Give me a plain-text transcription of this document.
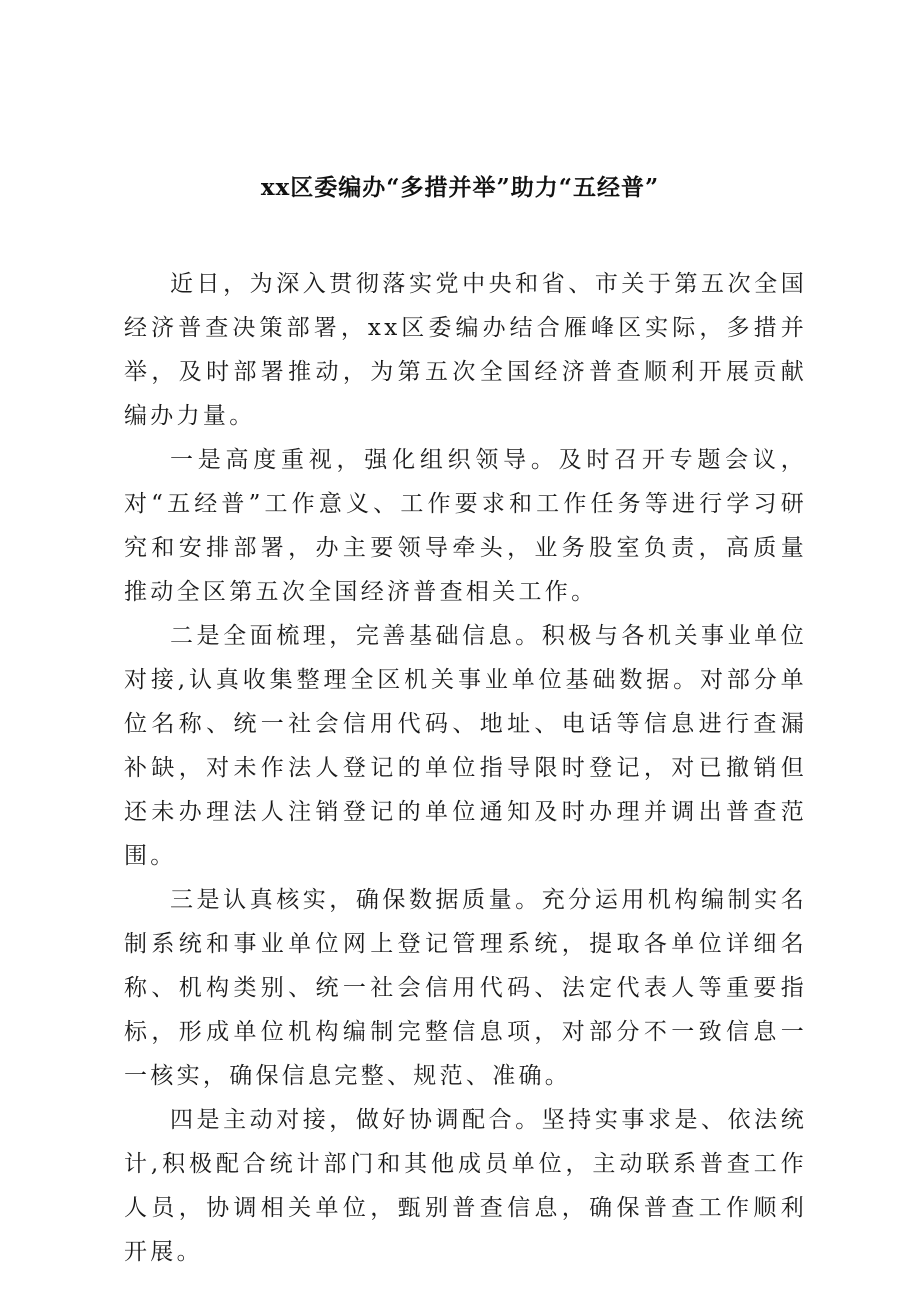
xx区委编办“多措并举”助力“五经普”

近日，为深入贯彻落实党中央和省、市关于第五次全国经济普查决策部署，xx区委编办结合雁峰区实际，多措并举，及时部署推动，为第五次全国经济普查顺利开展贡献编办力量。

一是高度重视，强化组织领导。及时召开专题会议，对“五经普”工作意义、工作要求和工作任务等进行学习研究和安排部署，办主要领导牵头，业务股室负责，高质量推动全区第五次全国经济普查相关工作。

二是全面梳理，完善基础信息。积极与各机关事业单位对接,认真收集整理全区机关事业单位基础数据。对部分单位名称、统一社会信用代码、地址、电话等信息进行查漏补缺，对未作法人登记的单位指导限时登记，对已撤销但还未办理法人注销登记的单位通知及时办理并调出普查范围。

三是认真核实，确保数据质量。充分运用机构编制实名制系统和事业单位网上登记管理系统，提取各单位详细名称、机构类别、统一社会信用代码、法定代表人等重要指标，形成单位机构编制完整信息项，对部分不一致信息一一核实，确保信息完整、规范、准确。

四是主动对接，做好协调配合。坚持实事求是、依法统计,积极配合统计部门和其他成员单位，主动联系普查工作人员，协调相关单位，甄别普查信息，确保普查工作顺利开展。
